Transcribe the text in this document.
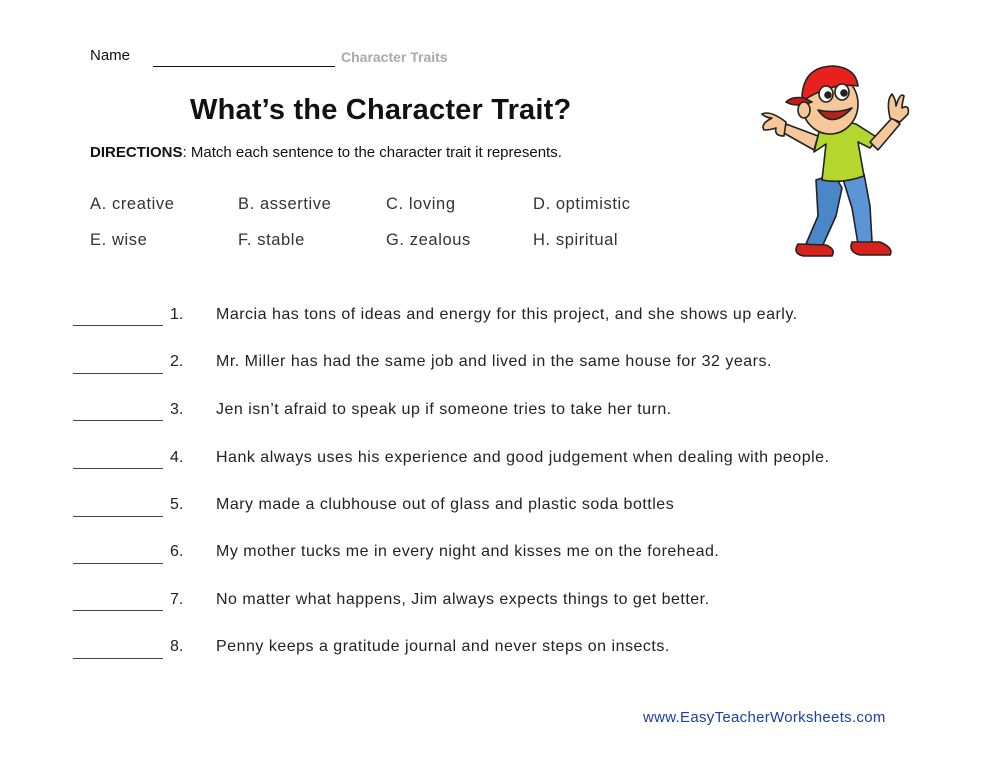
Name	Character Traits
What’s the Character Trait?
DIRECTIONS: Match each sentence to the character trait it represents.
A. creative	B. assertive	C. loving	D. optimistic
E. wise	F. stable	G. zealous	H. spiritual
1. Marcia has tons of ideas and energy for this project, and she shows up early.
2. Mr. Miller has had the same job and lived in the same house for 32 years.
3. Jen isn’t afraid to speak up if someone tries to take her turn.
4. Hank always uses his experience and good judgement when dealing with people.
5. Mary made a clubhouse out of glass and plastic soda bottles
6. My mother tucks me in every night and kisses me on the forehead.
7. No matter what happens, Jim always expects things to get better.
8. Penny keeps a gratitude journal and never steps on insects.
www.EasyTeacherWorksheets.com
